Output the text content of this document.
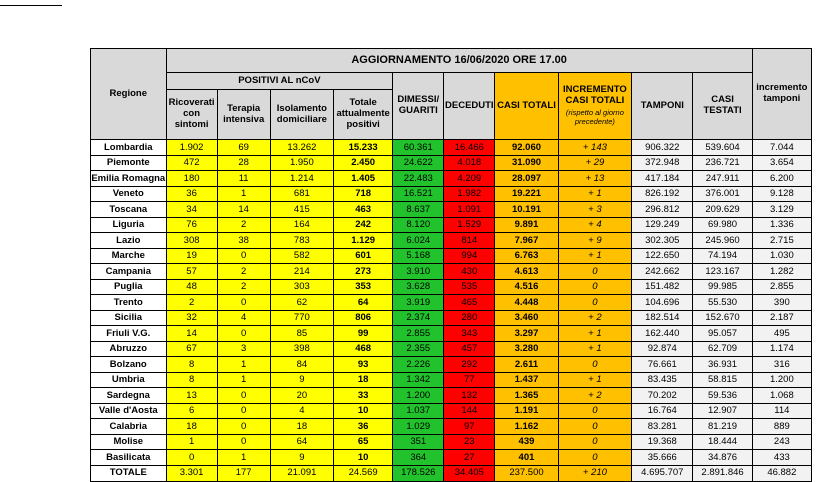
Regione	AGGIORNAMENTO 16/06/2020 ORE 17.00										incremento tamponi
	POSITIVI AL nCoV				DIMESSI/ GUARITI	DECEDUTI	CASI TOTALI	INCREMENTO CASI TOTALI
(rispetto al giorno precedente)	TAMPONI	CASI TESTATI	
	Ricoverati con sintomi	Terapia intensiva	Isolamento domiciliare	Totale attualmente positivi							
Lombardia	1.902	69	13.262	15.233	60.361	16.466	92.060	+ 143	906.322	539.604	7.044
Piemonte	472	28	1.950	2.450	24.622	4.018	31.090	+ 29	372.948	236.721	3.654
Emilia Romagna	180	11	1.214	1.405	22.483	4.209	28.097	+ 13	417.184	247.911	6.200
Veneto	36	1	681	718	16.521	1.982	19.221	+ 1	826.192	376.001	9.128
Toscana	34	14	415	463	8.637	1.091	10.191	+ 3	296.812	209.629	3.129
Liguria	76	2	164	242	8.120	1.529	9.891	+ 4	129.249	69.980	1.336
Lazio	308	38	783	1.129	6.024	814	7.967	+ 9	302.305	245.960	2.715
Marche	19	0	582	601	5.168	994	6.763	+ 1	122.650	74.194	1.030
Campania	57	2	214	273	3.910	430	4.613	0	242.662	123.167	1.282
Puglia	48	2	303	353	3.628	535	4.516	0	151.482	99.985	2.855
Trento	2	0	62	64	3.919	465	4.448	0	104.696	55.530	390
Sicilia	32	4	770	806	2.374	280	3.460	+ 2	182.514	152.670	2.187
Friuli V.G.	14	0	85	99	2.855	343	3.297	+ 1	162.440	95.057	495
Abruzzo	67	3	398	468	2.355	457	3.280	+ 1	92.874	62.709	1.174
Bolzano	8	1	84	93	2.226	292	2.611	0	76.661	36.931	316
Umbria	8	1	9	18	1.342	77	1.437	+ 1	83.435	58.815	1.200
Sardegna	13	0	20	33	1.200	132	1.365	+ 2	70.202	59.536	1.068
Valle d'Aosta	6	0	4	10	1.037	144	1.191	0	16.764	12.907	114
Calabria	18	0	18	36	1.029	97	1.162	0	83.281	81.219	889
Molise	1	0	64	65	351	23	439	0	19.368	18.444	243
Basilicata	0	1	9	10	364	27	401	0	35.666	34.876	433
TOTALE	3.301	177	21.091	24.569	178.526	34.405	237.500	+ 210	4.695.707	2.891.846	46.882
